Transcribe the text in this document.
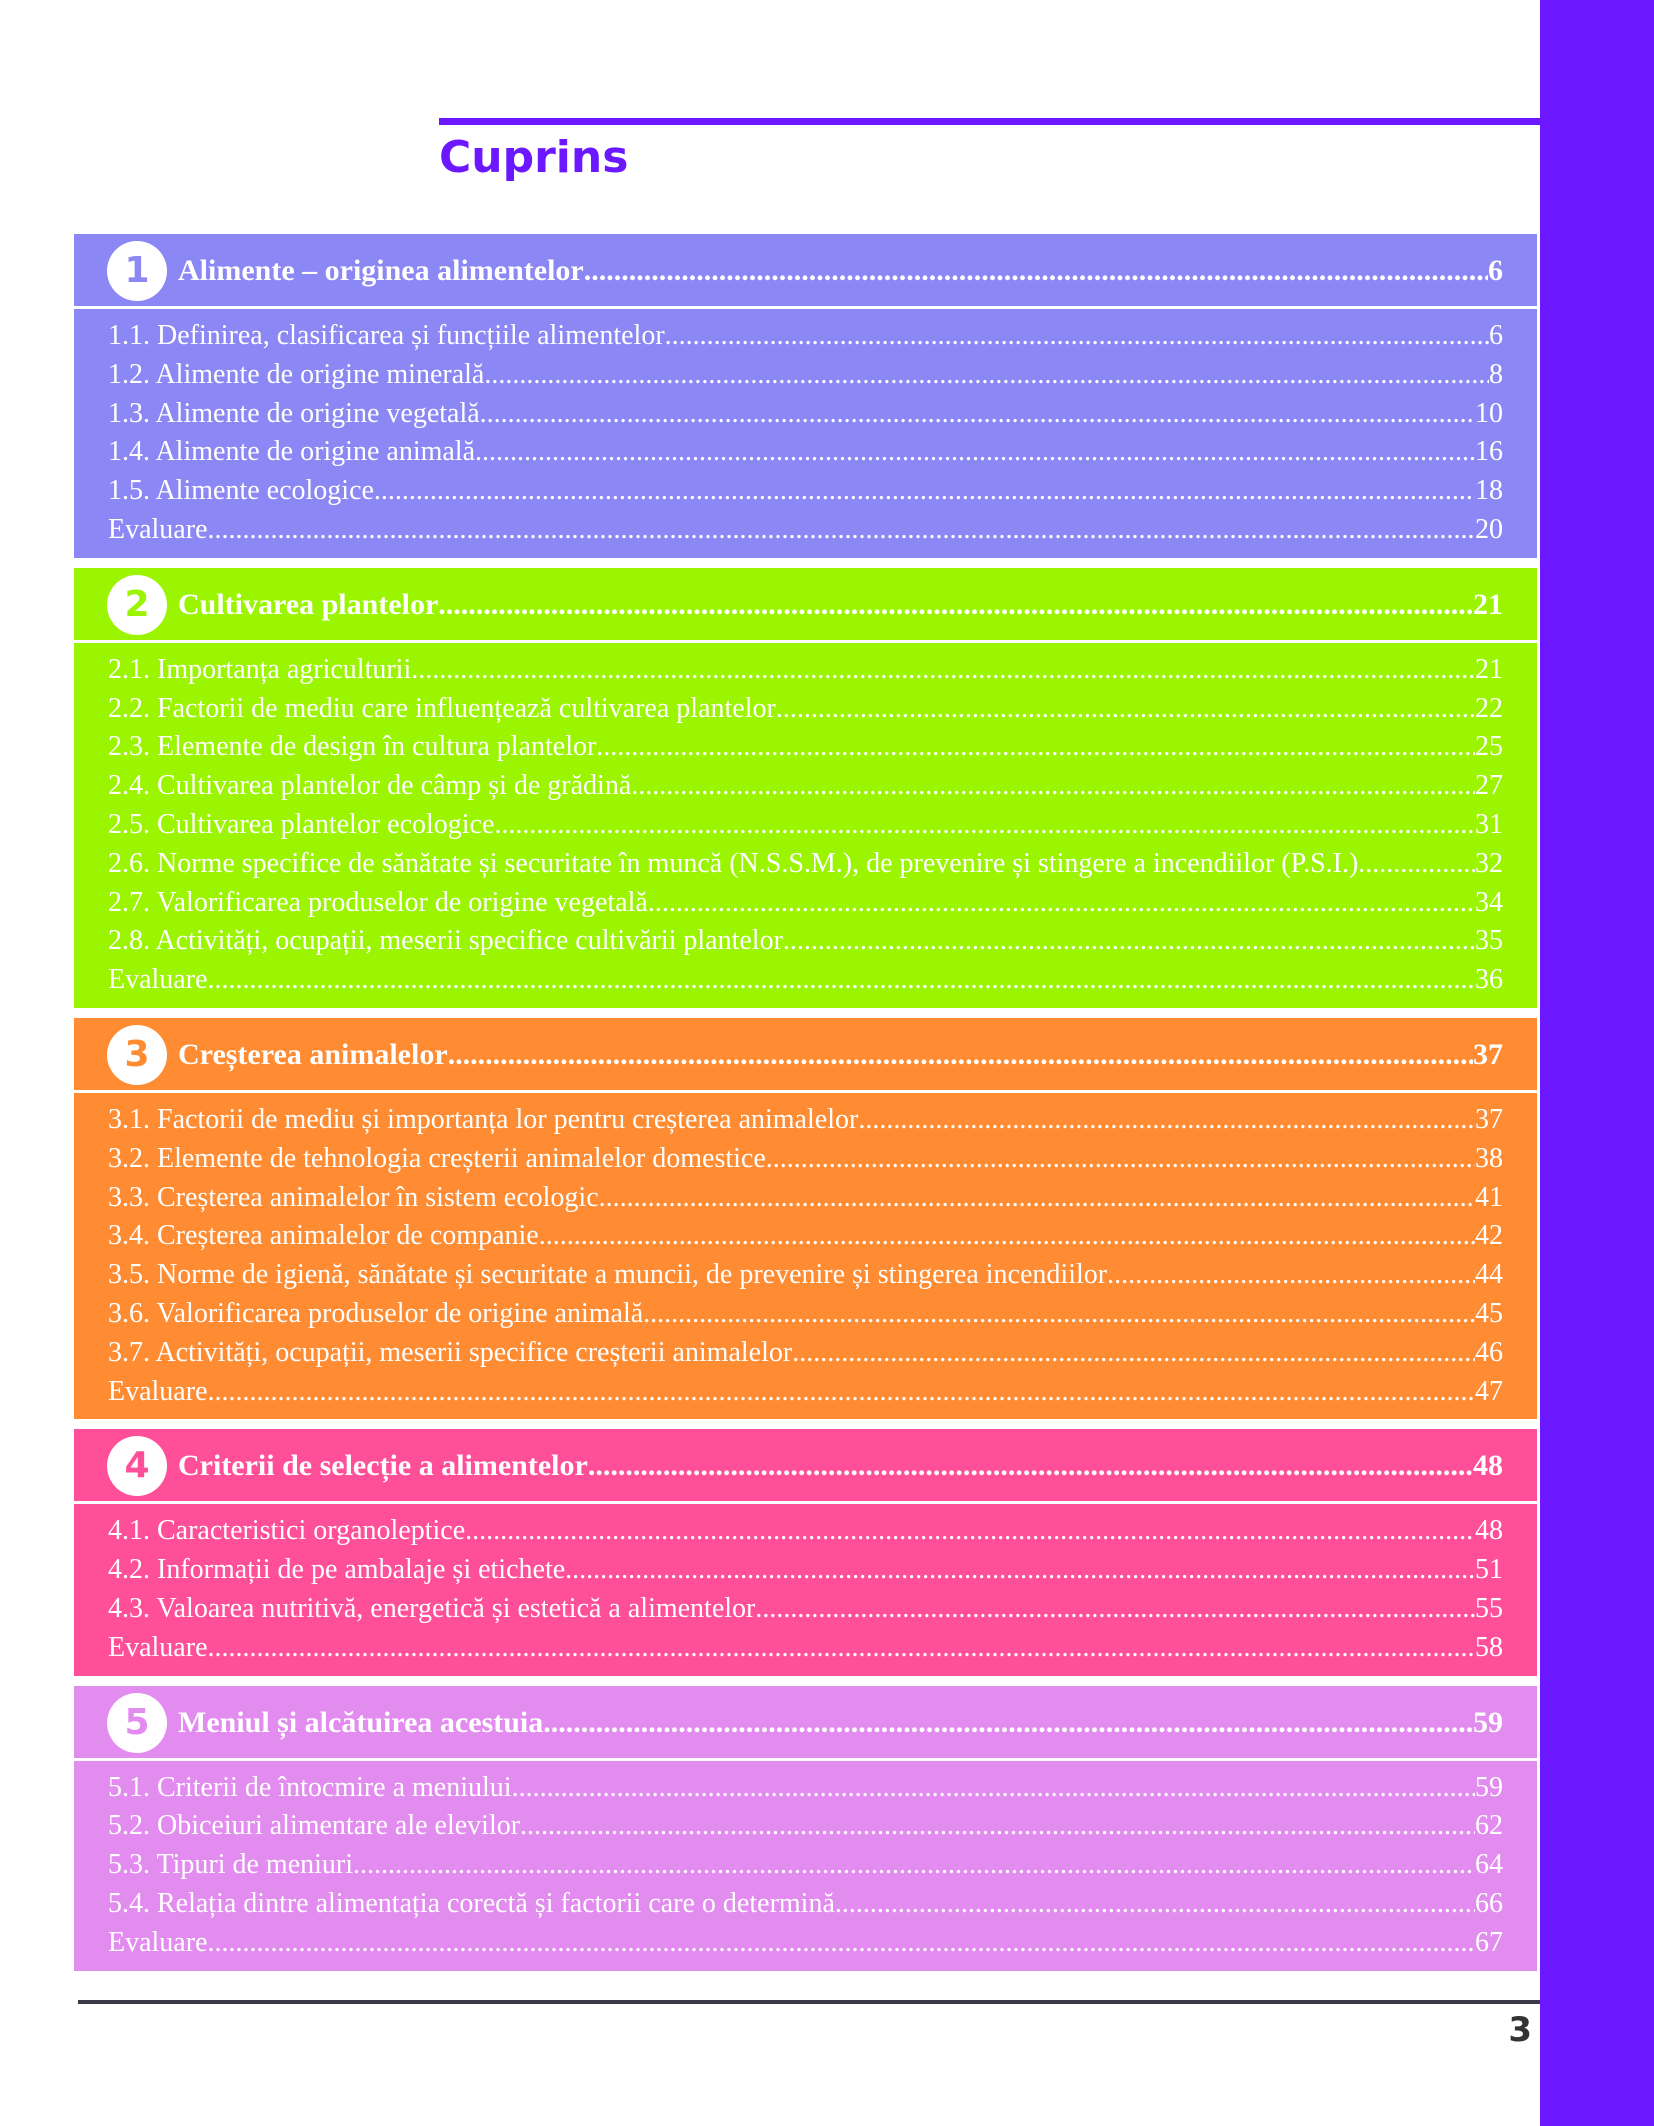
Cuprins
1 Alimente – originea alimentelor .....	6
1.1. Definirea, clasificarea și funcțiile alimentelor .....	6
1.2. Alimente de origine minerală .....	8
1.3. Alimente de origine vegetală .....	10
1.4. Alimente de origine animală .....	16
1.5. Alimente ecologice .....	18
Evaluare .....	20
2 Cultivarea plantelor .....	21
2.1. Importanța agriculturii .....	21
2.2. Factorii de mediu care influențează cultivarea plantelor .....	22
2.3. Elemente de design în cultura plantelor .....	25
2.4. Cultivarea plantelor de câmp și de grădină .....	27
2.5. Cultivarea plantelor ecologice .....	31
2.6. Norme specifice de sănătate și securitate în muncă (N.S.S.M.), de prevenire și stingere a incendiilor (P.S.I.) .....	32
2.7. Valorificarea produselor de origine vegetală .....	34
2.8. Activități, ocupații, meserii specifice cultivării plantelor .....	35
Evaluare .....	36
3 Creșterea animalelor .....	37
3.1. Factorii de mediu și importanța lor pentru creșterea animalelor .....	37
3.2. Elemente de tehnologia creșterii animalelor domestice .....	38
3.3. Creșterea animalelor în sistem ecologic .....	41
3.4. Creșterea animalelor de companie .....	42
3.5. Norme de igienă, sănătate și securitate a muncii, de prevenire și stingerea incendiilor .....	44
3.6. Valorificarea produselor de origine animală .....	45
3.7. Activități, ocupații, meserii specifice creșterii animalelor .....	46
Evaluare .....	47
4 Criterii de selecție a alimentelor .....	48
4.1. Caracteristici organoleptice .....	48
4.2. Informații de pe ambalaje și etichete .....	51
4.3. Valoarea nutritivă, energetică și estetică a alimentelor .....	55
Evaluare .....	58
5 Meniul și alcătuirea acestuia .....	59
5.1. Criterii de întocmire a meniului .....	59
5.2. Obiceiuri alimentare ale elevilor .....	62
5.3. Tipuri de meniuri .....	64
5.4. Relația dintre alimentația corectă și factorii care o determină .....	66
Evaluare .....	67
3
